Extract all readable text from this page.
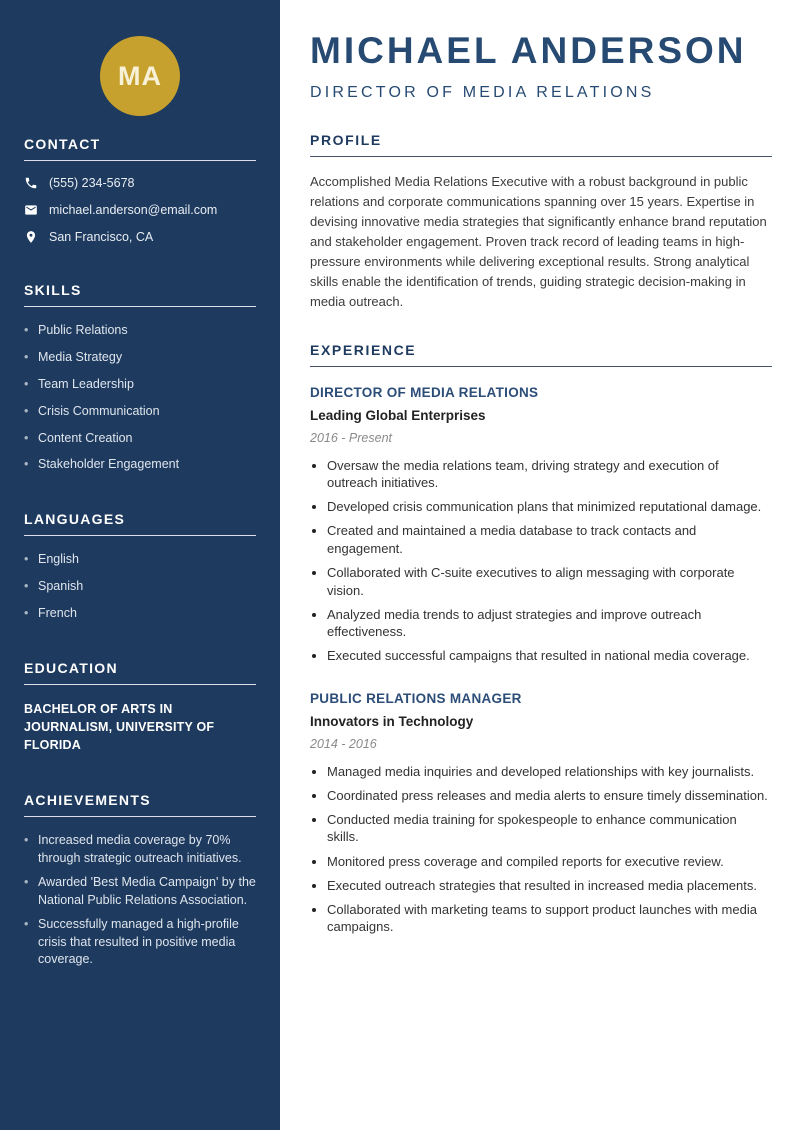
MA
CONTACT
(555) 234-5678
michael.anderson@email.com
San Francisco, CA
SKILLS
• Public Relations
• Media Strategy
• Team Leadership
• Crisis Communication
• Content Creation
• Stakeholder Engagement
LANGUAGES
• English
• Spanish
• French
EDUCATION

BACHELOR OF ARTS IN JOURNALISM, UNIVERSITY OF FLORIDA

ACHIEVEMENTS
• Increased media coverage by 70% through strategic outreach initiatives.
• Awarded 'Best Media Campaign' by the National Public Relations Association.
• Successfully managed a high-profile crisis that resulted in positive media coverage.
MICHAEL ANDERSON
DIRECTOR OF MEDIA RELATIONS
PROFILE

Accomplished Media Relations Executive with a robust background in public relations and corporate communications spanning over 15 years. Expertise in devising innovative media strategies that significantly enhance brand reputation and stakeholder engagement. Proven track record of leading teams in high-pressure environments while delivering exceptional results. Strong analytical skills enable the identification of trends, guiding strategic decision-making in media outreach.

EXPERIENCE
DIRECTOR OF MEDIA RELATIONS
Leading Global Enterprises
2016 - Present
• Oversaw the media relations team, driving strategy and execution of outreach initiatives.
• Developed crisis communication plans that minimized reputational damage.
• Created and maintained a media database to track contacts and engagement.
• Collaborated with C-suite executives to align messaging with corporate vision.
• Analyzed media trends to adjust strategies and improve outreach effectiveness.
• Executed successful campaigns that resulted in national media coverage.
PUBLIC RELATIONS MANAGER
Innovators in Technology
2014 - 2016
• Managed media inquiries and developed relationships with key journalists.
• Coordinated press releases and media alerts to ensure timely dissemination.
• Conducted media training for spokespeople to enhance communication skills.
• Monitored press coverage and compiled reports for executive review.
• Executed outreach strategies that resulted in increased media placements.
• Collaborated with marketing teams to support product launches with media campaigns.
